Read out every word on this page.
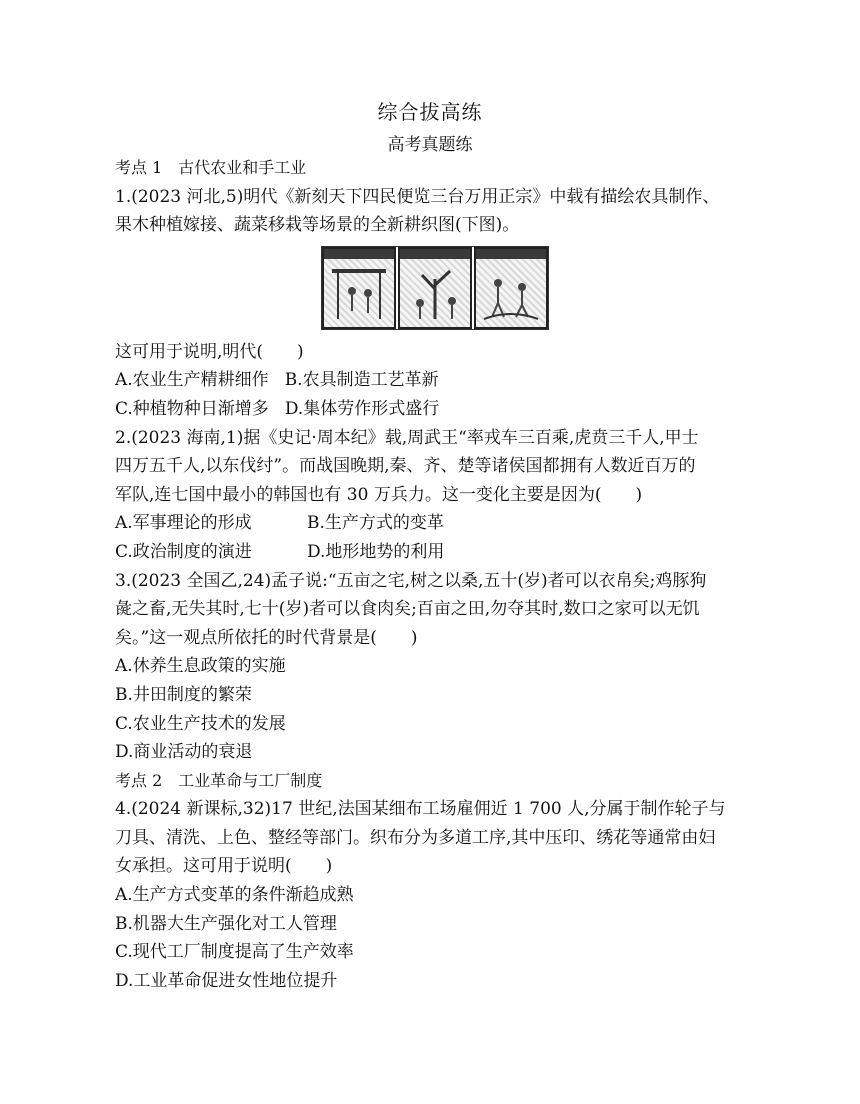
综合拔高练
高考真题练
考点 1　古代农业和手工业
1.(2023 河北,5)明代《新刻天下四民便览三台万用正宗》中载有描绘农具制作、
果木种植嫁接、蔬菜移栽等场景的全新耕织图(下图)。
这可用于说明,明代(　　)
A.农业生产精耕细作 B.农具制造工艺革新
C.种植物种日渐增多 D.集体劳作形式盛行
2.(2023 海南,1)据《史记·周本纪》载,周武王“率戎车三百乘,虎贲三千人,甲士
四万五千人,以东伐纣”。而战国晚期,秦、齐、楚等诸侯国都拥有人数近百万的
军队,连七国中最小的韩国也有 30 万兵力。这一变化主要是因为(　　)
A.军事理论的形成	B.生产方式的变革
C.政治制度的演进	D.地形地势的利用
3.(2023 全国乙,24)孟子说:“五亩之宅,树之以桑,五十(岁)者可以衣帛矣;鸡豚狗
彘之畜,无失其时,七十(岁)者可以食肉矣;百亩之田,勿夺其时,数口之家可以无饥
矣。”这一观点所依托的时代背景是(　　)
A.休养生息政策的实施
B.井田制度的繁荣
C.农业生产技术的发展
D.商业活动的衰退
考点 2　工业革命与工厂制度
4.(2024 新课标,32)17 世纪,法国某细布工场雇佣近 1 700 人,分属于制作轮子与
刀具、清洗、上色、整经等部门。织布分为多道工序,其中压印、绣花等通常由妇
女承担。这可用于说明(　　)
A.生产方式变革的条件渐趋成熟
B.机器大生产强化对工人管理
C.现代工厂制度提高了生产效率
D.工业革命促进女性地位提升
